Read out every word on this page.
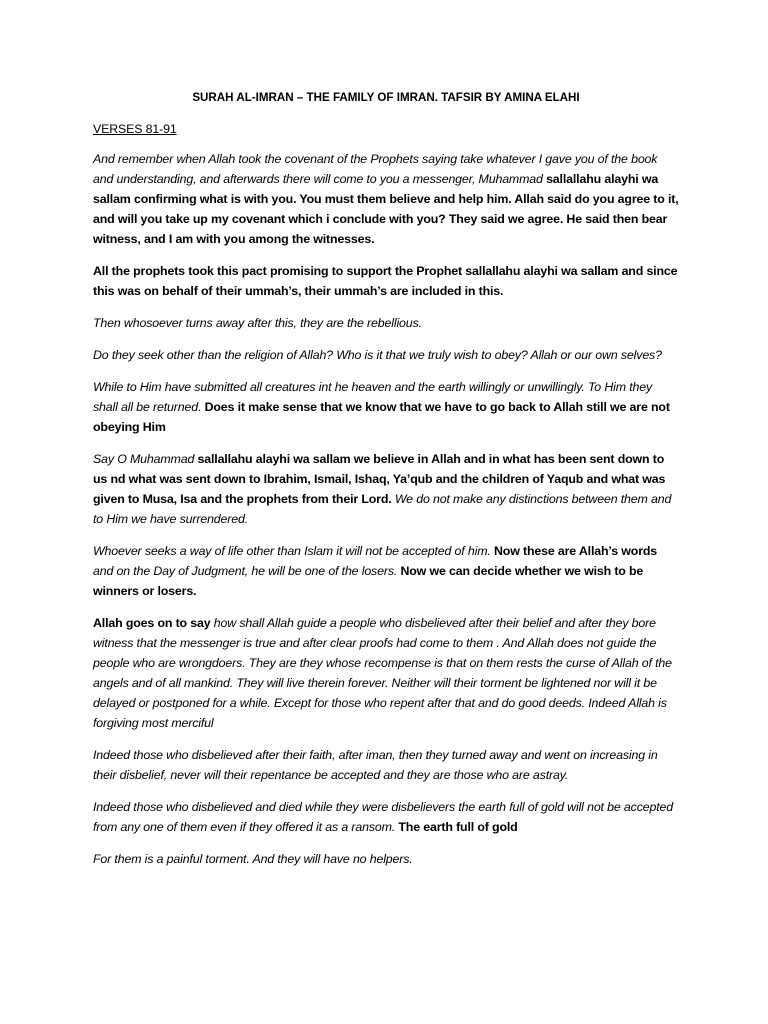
SURAH AL-IMRAN – THE FAMILY OF IMRAN. TAFSIR BY AMINA ELAHI
VERSES 81-91

And remember when Allah took the covenant of the Prophets saying take whatever I gave you of the book and understanding, and afterwards there will come to you a messenger, Muhammad sallallahu alayhi wa sallam confirming what is with you. You must them believe and help him. Allah said do you agree to it, and will you take up my covenant which i conclude with you? They said we agree. He said then bear witness, and I am with you among the witnesses.

All the prophets took this pact promising to support the Prophet sallallahu alayhi wa sallam and since this was on behalf of their ummah’s, their ummah’s are included in this.

Then whosoever turns away after this, they are the rebellious.

Do they seek other than the religion of Allah? Who is it that we truly wish to obey? Allah or our own selves?

While to Him have submitted all creatures int he heaven and the earth willingly or unwillingly. To Him they shall all be returned. Does it make sense that we know that we have to go back to Allah still we are not obeying Him

Say O Muhammad sallallahu alayhi wa sallam we believe in Allah and in what has been sent down to us nd what was sent down to Ibrahim, Ismail, Ishaq, Ya’qub and the children of Yaqub and what was given to Musa, Isa and the prophets from their Lord. We do not make any distinctions between them and to Him we have surrendered.

Whoever seeks a way of life other than Islam it will not be accepted of him. Now these are Allah’s words and on the Day of Judgment, he will be one of the losers. Now we can decide whether we wish to be winners or losers.

Allah goes on to say how shall Allah guide a people who disbelieved after their belief and after they bore witness that the messenger is true and after clear proofs had come to them . And Allah does not guide the people who are wrongdoers. They are they whose recompense is that on them rests the curse of Allah of the angels and of all mankind. They will live therein forever. Neither will their torment be lightened nor will it be delayed or postponed for a while. Except for those who repent after that and do good deeds. Indeed Allah is forgiving most merciful

Indeed those who disbelieved after their faith, after iman, then they turned away and went on increasing in their disbelief, never will their repentance be accepted and they are those who are astray.

Indeed those who disbelieved and died while they were disbelievers the earth full of gold will not be accepted from any one of them even if they offered it as a ransom. The earth full of gold

For them is a painful torment. And they will have no helpers.
